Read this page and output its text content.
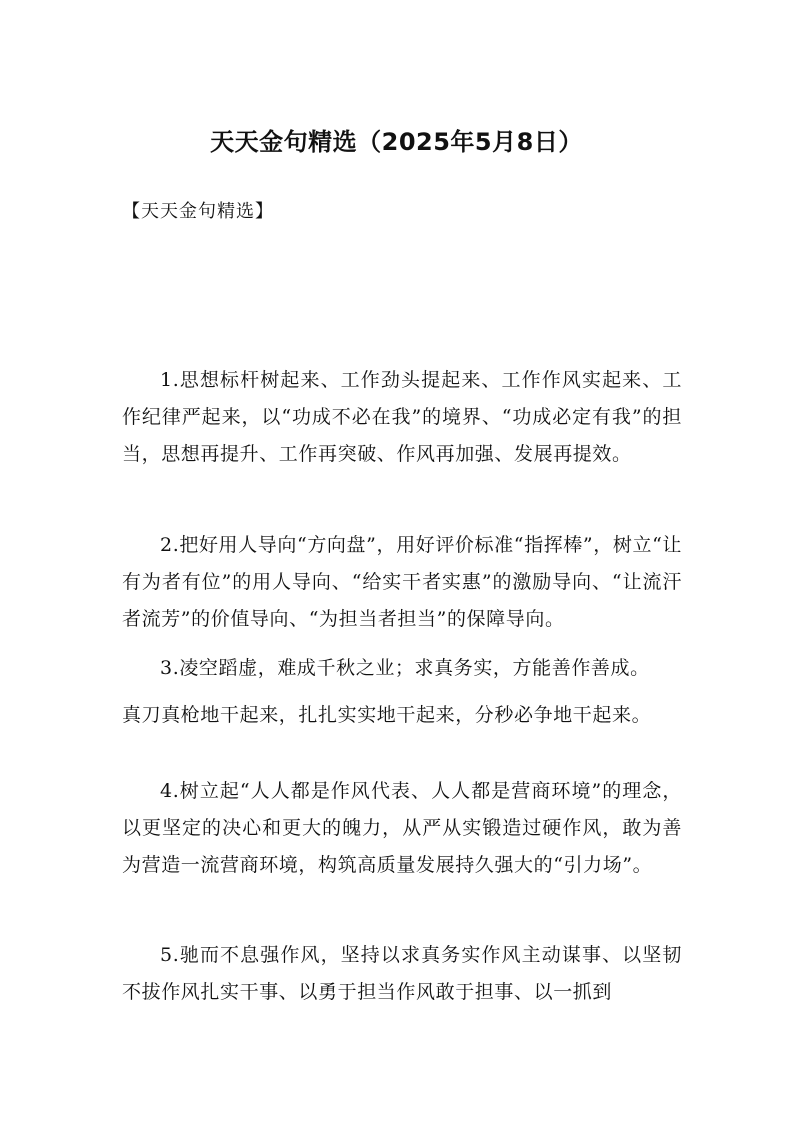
天天金句精选（2025年5月8日）
【天天金句精选】

1.思想标杆树起来、工作劲头提起来、工作作风实起来、工作纪律严起来，以“功成不必在我”的境界、“功成必定有我”的担当，思想再提升、工作再突破、作风再加强、发展再提效。

2.把好用人导向“方向盘”，用好评价标准“指挥棒”，树立“让有为者有位”的用人导向、“给实干者实惠”的激励导向、“让流汗者流芳”的价值导向、“为担当者担当”的保障导向。

3.凌空蹈虚，难成千秋之业；求真务实，方能善作善成。

真刀真枪地干起来，扎扎实实地干起来，分秒必争地干起来。

4.树立起“人人都是作风代表、人人都是营商环境”的理念，以更坚定的决心和更大的魄力，从严从实锻造过硬作风，敢为善为营造一流营商环境，构筑高质量发展持久强大的“引力场”。

5.驰而不息强作风，坚持以求真务实作风主动谋事、以坚韧不拔作风扎实干事、以勇于担当作风敢于担事、以一抓到
